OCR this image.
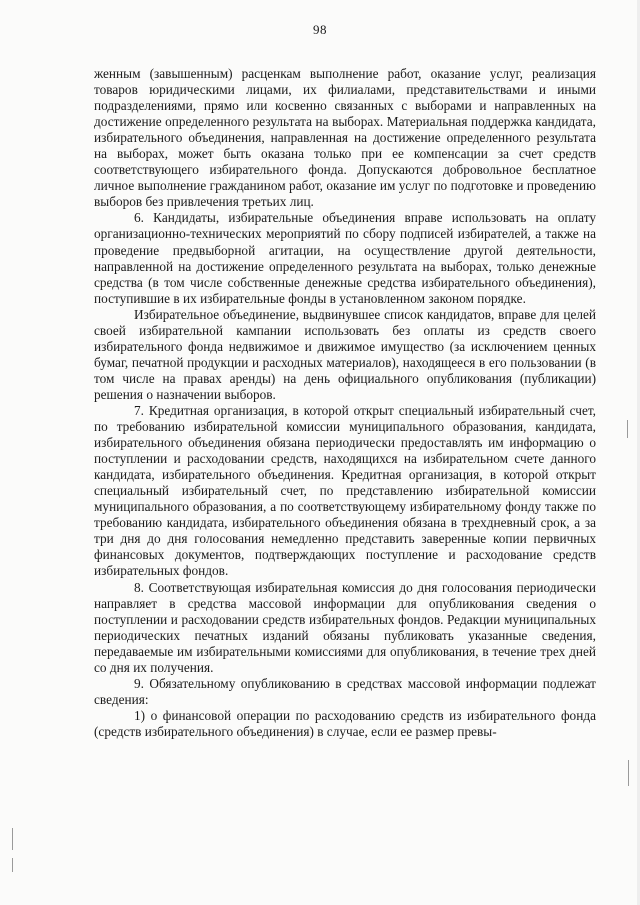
98

женным (завышенным) расценкам выполнение работ, оказание услуг, реализация товаров юридическими лицами, их филиалами, представительствами и иными подразделениями, прямо или косвенно связанных с выборами и направленных на достижение определенного результата на выборах. Материальная поддержка кандидата, избирательного объединения, направленная на достижение определенного результата на выборах, может быть оказана только при ее компенсации за счет средств соответствующего избирательного фонда. Допускаются добровольное бесплатное личное выполнение гражданином работ, оказание им услуг по подготовке и проведению выборов без привлечения третьих лиц.

6. Кандидаты, избирательные объединения вправе использовать на оплату организационно-технических мероприятий по сбору подписей избирателей, а также на проведение предвыборной агитации, на осуществление другой деятельности, направленной на достижение определенного результата на выборах, только денежные средства (в том числе собственные денежные средства избирательного объединения), поступившие в их избирательные фонды в установленном законом порядке.

Избирательное объединение, выдвинувшее список кандидатов, вправе для целей своей избирательной кампании использовать без оплаты из средств своего избирательного фонда недвижимое и движимое имущество (за исключением ценных бумаг, печатной продукции и расходных материалов), находящееся в его пользовании (в том числе на правах аренды) на день официального опубликования (публикации) решения о назначении выборов.

7. Кредитная организация, в которой открыт специальный избирательный счет, по требованию избирательной комиссии муниципального образования, кандидата, избирательного объединения обязана периодически предоставлять им информацию о поступлении и расходовании средств, находящихся на избирательном счете данного кандидата, избирательного объединения. Кредитная организация, в которой открыт специальный избирательный счет, по представлению избирательной комиссии муниципального образования, а по соответствующему избирательному фонду также по требованию кандидата, избирательного объединения обязана в трехдневный срок, а за три дня до дня голосования немедленно представить заверенные копии первичных финансовых документов, подтверждающих поступление и расходование средств избирательных фондов.

8. Соответствующая избирательная комиссия до дня голосования периодически направляет в средства массовой информации для опубликования сведения о поступлении и расходовании средств избирательных фондов. Редакции муниципальных периодических печатных изданий обязаны публиковать указанные сведения, передаваемые им избирательными комиссиями для опубликования, в течение трех дней со дня их получения.

9. Обязательному опубликованию в средствах массовой информации подлежат сведения:

1) о финансовой операции по расходованию средств из избирательного фонда (средств избирательного объединения) в случае, если ее размер превы-
